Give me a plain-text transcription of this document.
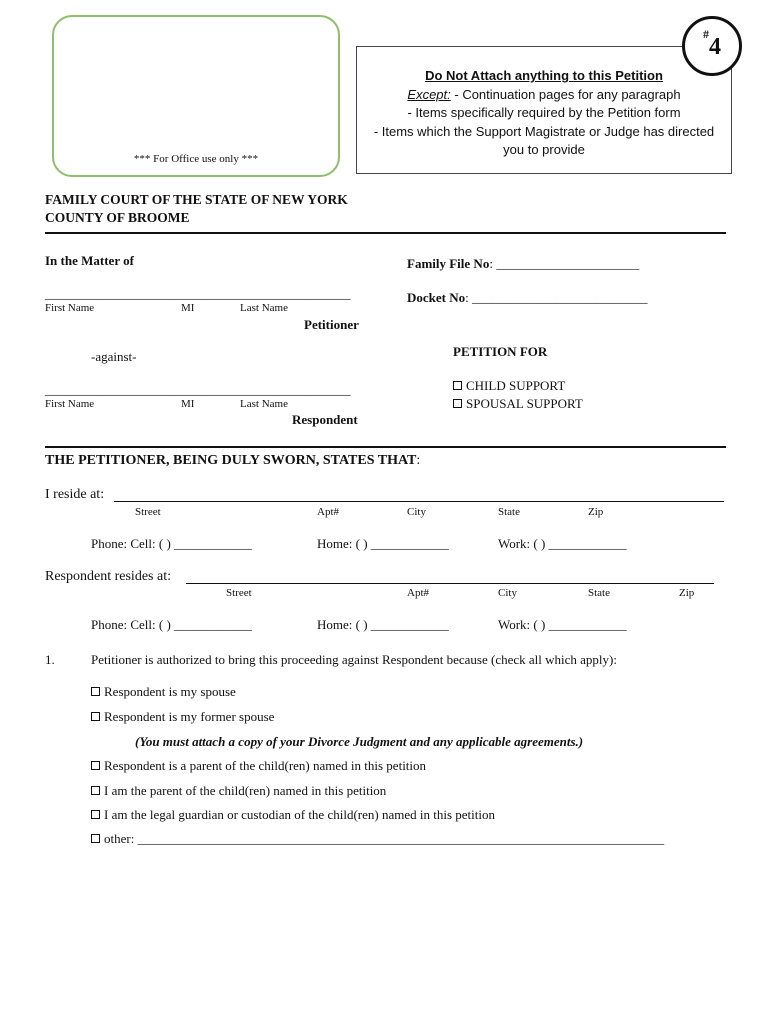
*** For Office use only ***
Do Not Attach anything to this Petition
Except: - Continuation pages for any paragraph
- Items specifically required by the Petition form
- Items which the Support Magistrate or Judge has directed
you to provide
#4
FAMILY COURT OF THE STATE OF NEW YORK
COUNTY OF BROOME
In the Matter of	Family File No: ______________________
Docket No: ___________________________
_______________________________________________
First Name	MI	Last Name
Petitioner
-against-
_______________________________________________
First Name	MI	Last Name
Respondent
PETITION FOR
CHILD SUPPORT
SPOUSAL SUPPORT
THE PETITIONER, BEING DULY SWORN, STATES THAT:
I reside at:
Street	Apt#	City	State	Zip
Phone: Cell: ( ) ____________	Home: ( ) ____________	Work: ( ) ____________
Respondent resides at:
Street	Apt#	City	State	Zip
Phone: Cell: ( ) ____________	Home: ( ) ____________	Work: ( ) ____________
1.	Petitioner is authorized to bring this proceeding against Respondent because (check all which apply):
Respondent is my spouse
Respondent is my former spouse
(You must attach a copy of your Divorce Judgment and any applicable agreements.)
Respondent is a parent of the child(ren) named in this petition
I am the parent of the child(ren) named in this petition
I am the legal guardian or custodian of the child(ren) named in this petition
other: _________________________________________________________________________________
